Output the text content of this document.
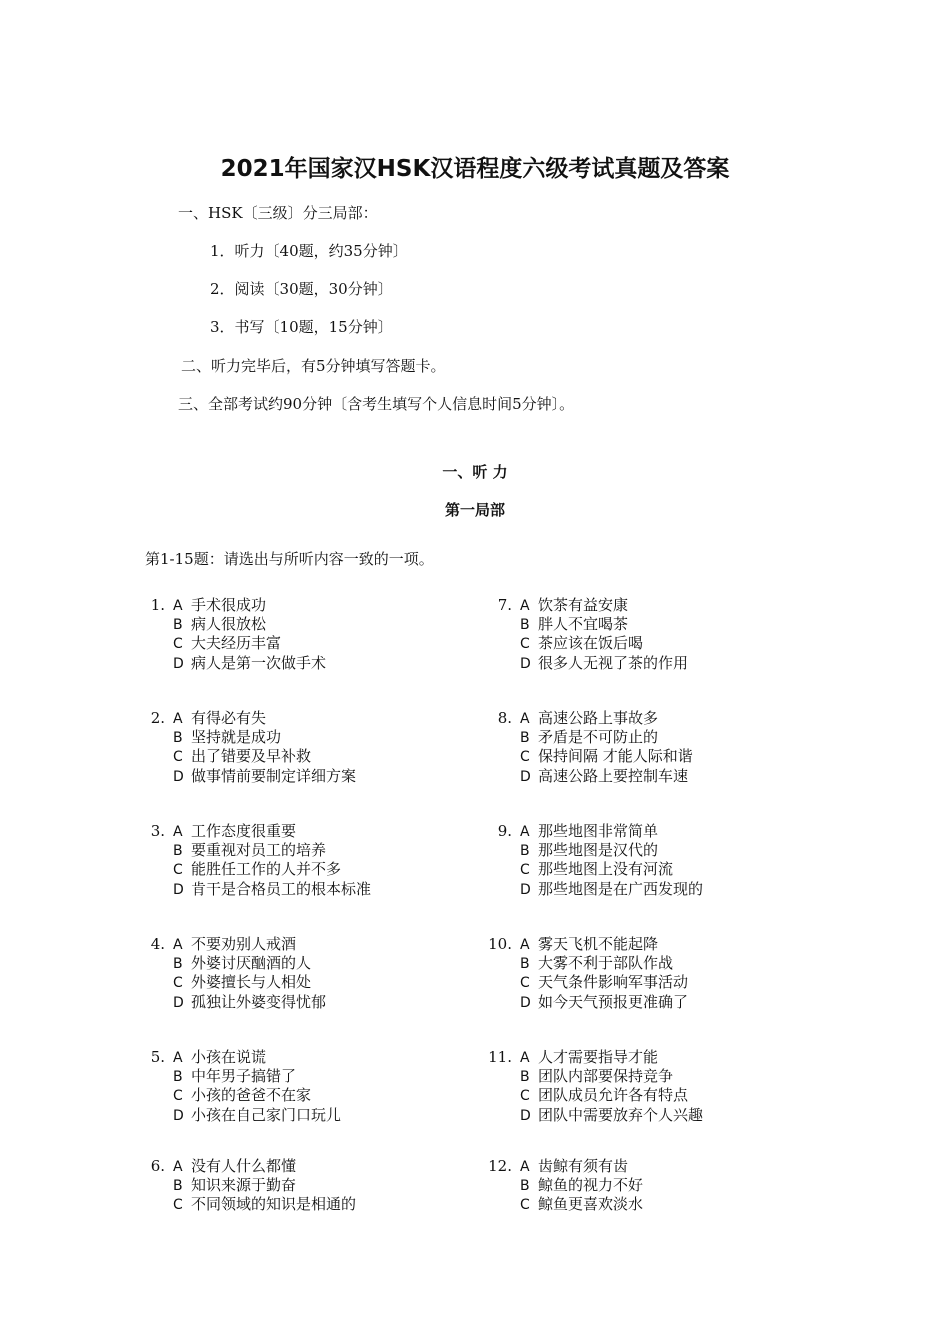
2021年国家汉HSK汉语程度六级考试真题及答案
一、HSK〔三级〕分三局部：
1．听力〔40题，约35分钟〕
2．阅读〔30题，30分钟〕
3．书写〔10题，15分钟〕
二、听力完毕后，有5分钟填写答题卡。
三、全部考试约90分钟〔含考生填写个人信息时间5分钟〕。
一、听 力
第一局部
第1-15题：请选出与所听内容一致的一项。
1. A 手术很成功
B 病人很放松
C 大夫经历丰富
D 病人是第一次做手术
2. A 有得必有失
B 坚持就是成功
C 出了错要及早补救
D 做事情前要制定详细方案
3. A 工作态度很重要
B 要重视对员工的培养
C 能胜任工作的人并不多
D 肯干是合格员工的根本标准
4. A 不要劝别人戒酒
B 外婆讨厌酗酒的人
C 外婆擅长与人相处
D 孤独让外婆变得忧郁
5. A 小孩在说谎
B 中年男子搞错了
C 小孩的爸爸不在家
D 小孩在自己家门口玩儿
6. A 没有人什么都懂
B 知识来源于勤奋
C 不同领域的知识是相通的
7. A 饮茶有益安康
B 胖人不宜喝茶
C 茶应该在饭后喝
D 很多人无视了茶的作用
8. A 高速公路上事故多
B 矛盾是不可防止的
C 保持间隔 才能人际和谐
D 高速公路上要控制车速
9. A 那些地图非常简单
B 那些地图是汉代的
C 那些地图上没有河流
D 那些地图是在广西发现的
10. A 雾天飞机不能起降
B 大雾不利于部队作战
C 天气条件影响军事活动
D 如今天气预报更准确了
11. A 人才需要指导才能
B 团队内部要保持竞争
C 团队成员允许各有特点
D 团队中需要放弃个人兴趣
12. A 齿鲸有须有齿
B 鲸鱼的视力不好
C 鲸鱼更喜欢淡水
